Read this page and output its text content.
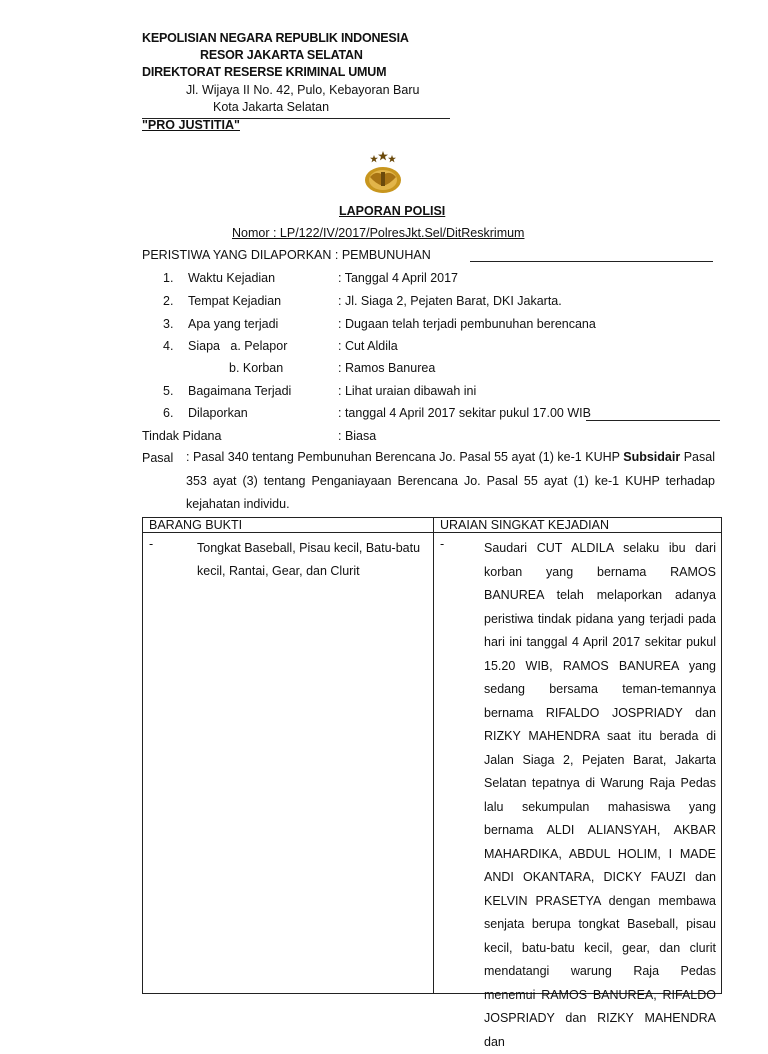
KEPOLISIAN NEGARA REPUBLIK INDONESIA
RESOR JAKARTA SELATAN
DIREKTORAT RESERSE KRIMINAL UMUM
Jl. Wijaya II No. 42, Pulo, Kebayoran Baru
Kota Jakarta Selatan
"PRO JUSTITIA"
LAPORAN POLISI
Nomor : LP/122/IV/2017/PolresJkt.Sel/DitReskrimum
PERISTIWA YANG DILAPORKAN : PEMBUNUHAN
1. Waktu Kejadian	: Tanggal 4 April 2017
2. Tempat Kejadian	: Jl. Siaga 2, Pejaten Barat, DKI Jakarta.
3. Apa yang terjadi	: Dugaan telah terjadi pembunuhan berencana
4. Siapa   a. Pelapor	: Cut Aldila
b. Korban	: Ramos Banurea
5. Bagaimana Terjadi	: Lihat uraian dibawah ini
6. Dilaporkan	: tanggal 4 April 2017 sekitar pukul 17.00 WIB
Tindak Pidana	: Biasa
Pasal : Pasal 340 tentang Pembunuhan Berencana Jo. Pasal 55 ayat (1) ke-1 KUHP Subsidair Pasal 353 ayat (3) tentang Penganiayaan Berencana Jo. Pasal 55 ayat (1) ke-1 KUHP terhadap kejahatan individu.
BARANG BUKTI	URAIAN SINGKAT KEJADIAN

- Tongkat Baseball, Pisau kecil, Batu-batu kecil, Rantai, Gear, dan Clurit	- Saudari CUT ALDILA selaku ibu dari korban yang bernama RAMOS BANUREA telah melaporkan adanya peristiwa tindak pidana yang terjadi pada hari ini tanggal 4 April 2017 sekitar pukul 15.20 WIB, RAMOS BANUREA yang sedang bersama teman-temannya bernama RIFALDO JOSPRIADY dan RIZKY MAHENDRA saat itu berada di Jalan Siaga 2, Pejaten Barat, Jakarta Selatan tepatnya di Warung Raja Pedas lalu sekumpulan mahasiswa yang bernama ALDI ALIANSYAH, AKBAR MAHARDIKA, ABDUL HOLIM, I MADE ANDI OKANTARA, DICKY FAUZI dan KELVIN PRASETYA dengan membawa senjata berupa tongkat Baseball, pisau kecil, batu-batu kecil, gear, dan clurit mendatangi warung Raja Pedas menemui RAMOS BANUREA, RIFALDO JOSPRIADY dan RIZKY MAHENDRA dan
